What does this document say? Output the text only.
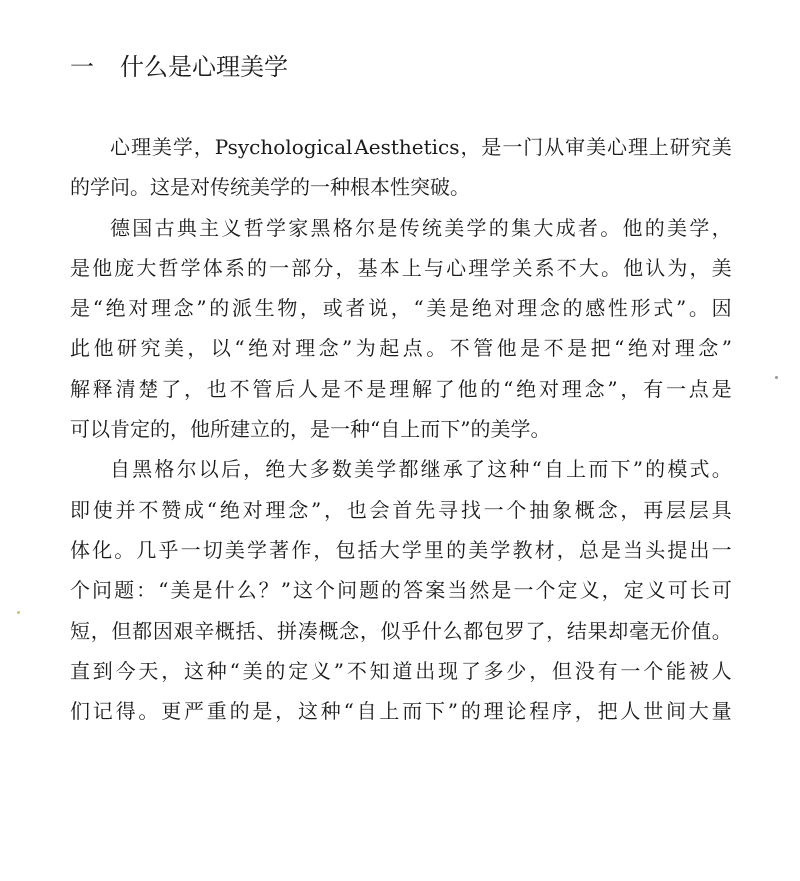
一 什么是心理美学
心 理 美 学 ， Psychological Aesthetics ， 是 一 门 从 审 美 心 理 上 研 究 美
的 学 问 。 这 是 对 传 统 美 学 的 一 种 根 本 性 突 破 。
德 国 古 典 主 义 哲 学 家 黑 格 尔 是 传 统 美 学 的 集 大 成 者 。 他 的 美 学 ，
是 他 庞 大 哲 学 体 系 的 一 部 分 ， 基 本 上 与 心 理 学 关 系 不 大 。 他 认 为 ， 美
是 “ 绝 对 理 念 ” 的 派 生 物 ， 或 者 说 ， “ 美 是 绝 对 理 念 的 感 性 形 式 ” 。 因
此 他 研 究 美 ， 以 “ 绝 对 理 念 ” 为 起 点 。 不 管 他 是 不 是 把 “ 绝 对 理 念 ”
解 释 清 楚 了 ， 也 不 管 后 人 是 不 是 理 解 了 他 的 “ 绝 对 理 念 ” ， 有 一 点 是
可 以 肯 定 的 ， 他 所 建 立 的 ， 是 一 种 “ 自 上 而 下 ” 的 美 学 。
自 黑 格 尔 以 后 ， 绝 大 多 数 美 学 都 继 承 了 这 种 “ 自 上 而 下 ” 的 模 式 。
即 使 并 不 赞 成 “ 绝 对 理 念 ” ， 也 会 首 先 寻 找 一 个 抽 象 概 念 ， 再 层 层 具
体 化 。 几 乎 一 切 美 学 著 作 ， 包 括 大 学 里 的 美 学 教 材 ， 总 是 当 头 提 出 一
个 问 题 ： “ 美 是 什 么 ？ ” 这 个 问 题 的 答 案 当 然 是 一 个 定 义 ， 定 义 可 长 可
短 ， 但 都 因 艰 辛 概 括 、 拼 凑 概 念 ， 似 乎 什 么 都 包 罗 了 ， 结 果 却 毫 无 价 值 。
直 到 今 天 ， 这 种 “ 美 的 定 义 ” 不 知 道 出 现 了 多 少 ， 但 没 有 一 个 能 被 人
们 记 得 。 更 严 重 的 是 ， 这 种 “ 自 上 而 下 ” 的 理 论 程 序 ， 把 人 世 间 大 量
